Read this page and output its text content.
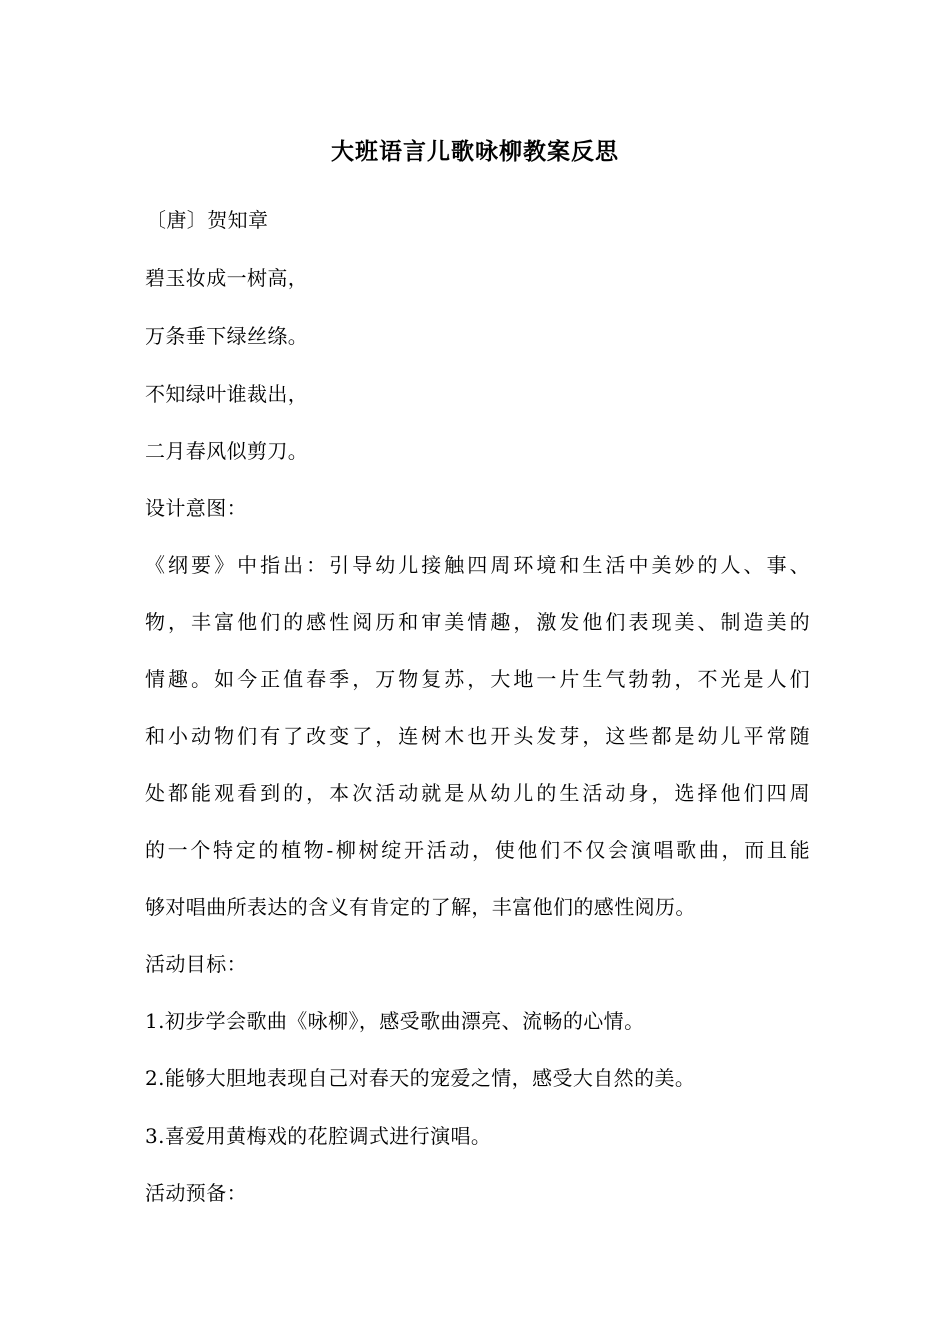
大班语言儿歌咏柳教案反思
〔唐〕贺知章
碧玉妆成一树高，
万条垂下绿丝绦。
不知绿叶谁裁出，
二月春风似剪刀。
设计意图：
《纲要》中指出：引导幼儿接触四周环境和生活中美妙的人、事、
物，丰富他们的感性阅历和审美情趣，激发他们表现美、制造美的
情趣。如今正值春季，万物复苏，大地一片生气勃勃，不光是人们
和小动物们有了改变了，连树木也开头发芽，这些都是幼儿平常随
处都能观看到的，本次活动就是从幼儿的生活动身，选择他们四周
的一个特定的植物-柳树绽开活动，使他们不仅会演唱歌曲，而且能
够对唱曲所表达的含义有肯定的了解，丰富他们的感性阅历。
活动目标：
1.初步学会歌曲《咏柳》，感受歌曲漂亮、流畅的心情。
2.能够大胆地表现自己对春天的宠爱之情，感受大自然的美。
3.喜爱用黄梅戏的花腔调式进行演唱。
活动预备：
